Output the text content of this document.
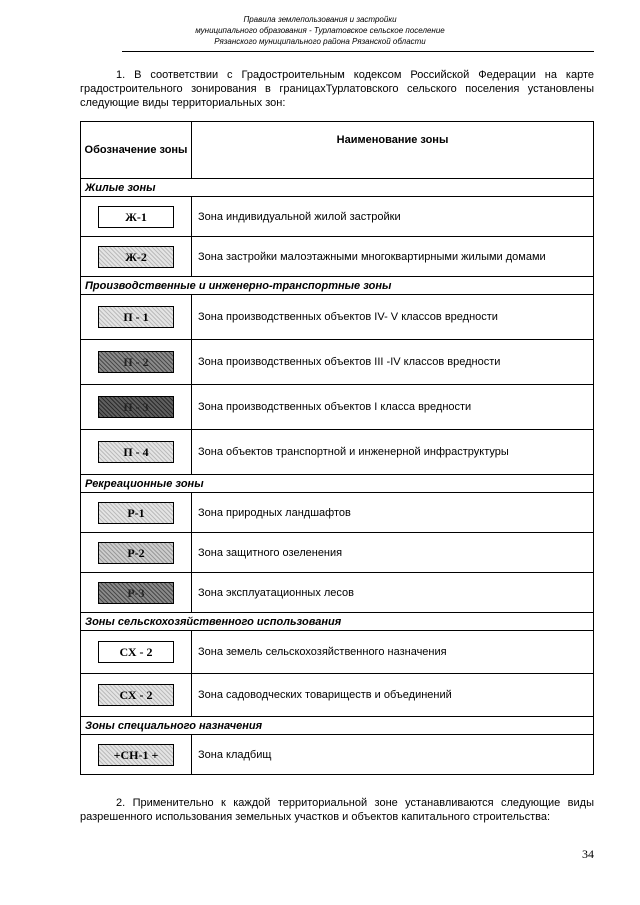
Правила землепользования и застройки
муниципального образования - Турлатовское сельское поселение
Рязанского муниципального района Рязанской области
1. В соответствии с Градостроительным кодексом Российской Федерации на карте градостроительного зонирования в границахТурлатовского сельского поселения установлены следующие виды территориальных зон:
Обозначение зоны	Наименование зоны
Жилые зоны	
Ж-1	Зона индивидуальной жилой застройки
Ж-2	Зона застройки малоэтажными многоквартирными жилыми домами
Производственные и инженерно-транспортные зоны	
П - 1	Зона производственных объектов IV- V классов вредности
П - 2	Зона производственных объектов III -IV классов вредности
П - 3	Зона производственных объектов I класса вредности
П - 4	Зона объектов транспортной и инженерной инфраструктуры
Рекреационные зоны	
Р-1	Зона природных ландшафтов
Р-2	Зона защитного озеленения
Р-3	Зона эксплуатационных лесов
Зоны сельскохозяйственного использования	
СХ - 2	Зона земель сельскохозяйственного назначения
СХ - 2	Зона садоводческих товариществ и объединений
Зоны специального назначения	
+СН-1 +	Зона кладбищ
2. Применительно к каждой территориальной зоне устанавливаются следующие виды разрешенного использования земельных участков и объектов капитального строительства:
34
